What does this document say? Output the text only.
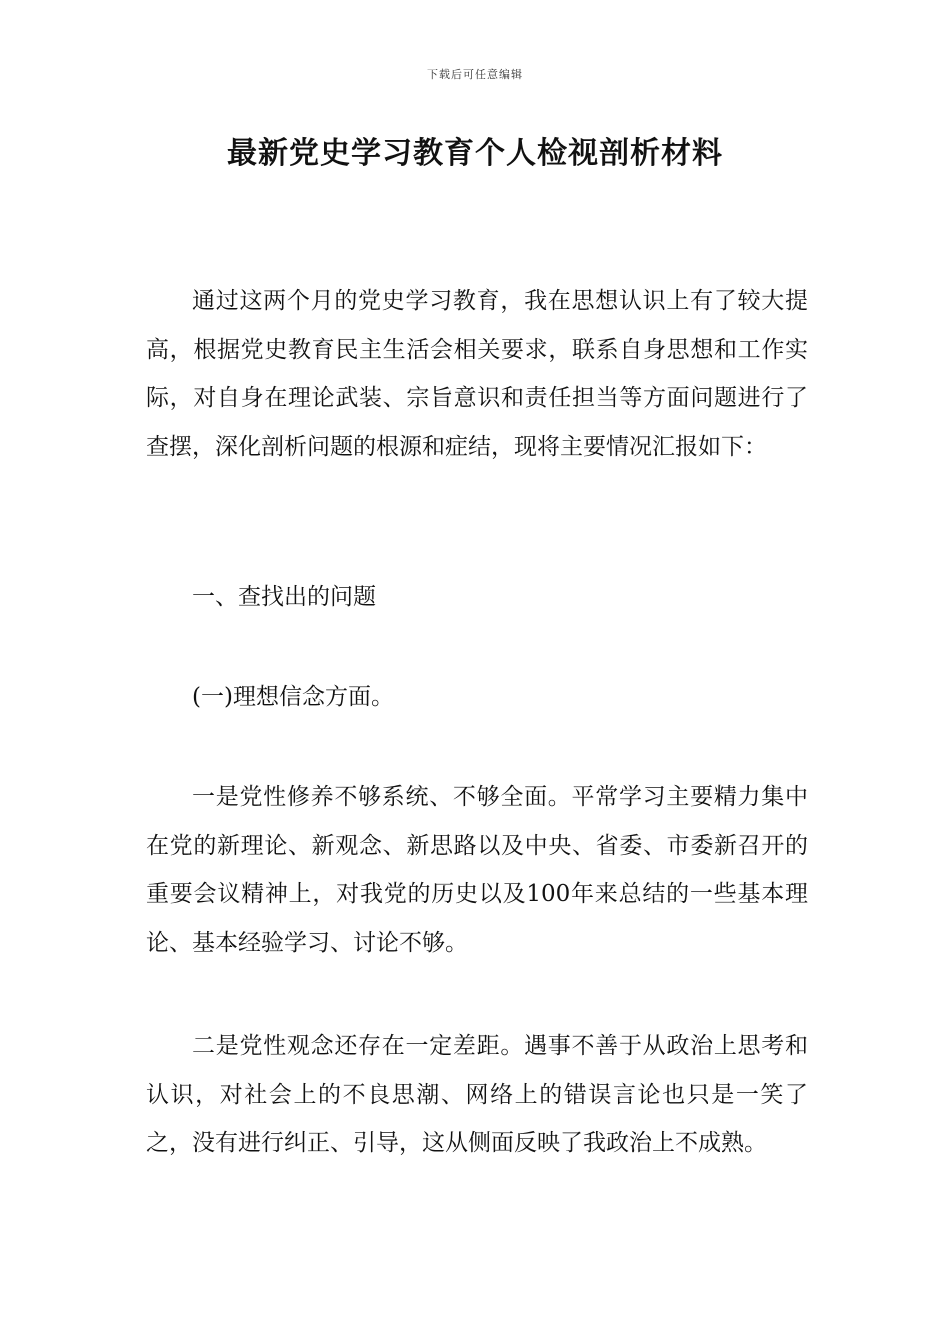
下载后可任意编辑
最新党史学习教育个人检视剖析材料

通过这两个月的党史学习教育，我在思想认识上有了较大提高，根据党史教育民主生活会相关要求，联系自身思想和工作实际，对自身在理论武装、宗旨意识和责任担当等方面问题进行了查摆，深化剖析问题的根源和症结，现将主要情况汇报如下：

一、查找出的问题

(一)理想信念方面。

一是党性修养不够系统、不够全面。平常学习主要精力集中在党的新理论、新观念、新思路以及中央、省委、市委新召开的重要会议精神上，对我党的历史以及100年来总结的一些基本理论、基本经验学习、讨论不够。

二是党性观念还存在一定差距。遇事不善于从政治上思考和认识，对社会上的不良思潮、网络上的错误言论也只是一笑了之，没有进行纠正、引导，这从侧面反映了我政治上不成熟。
